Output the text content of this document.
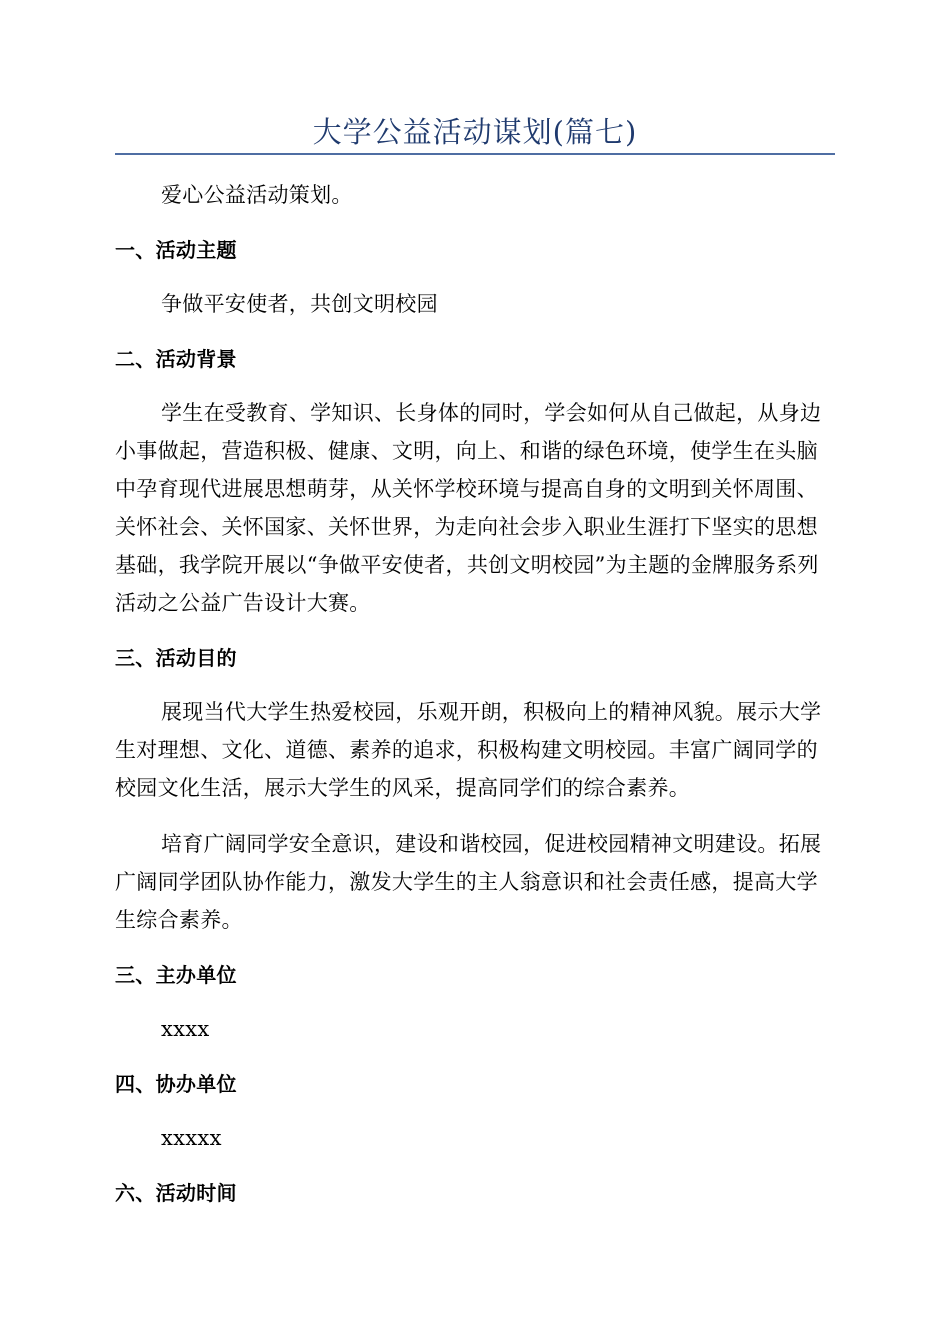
大学公益活动谋划(篇七)

爱心公益活动策划。

一、活动主题

争做平安使者，共创文明校园

二、活动背景

学生在受教育、学知识、长身体的同时，学会如何从自己做起，从身边小事做起，营造积极、健康、文明，向上、和谐的绿色环境，使学生在头脑中孕育现代进展思想萌芽，从关怀学校环境与提高自身的文明到关怀周围、关怀社会、关怀国家、关怀世界，为走向社会步入职业生涯打下坚实的思想基础，我学院开展以“争做平安使者，共创文明校园”为主题的金牌服务系列活动之公益广告设计大赛。

三、活动目的

展现当代大学生热爱校园，乐观开朗，积极向上的精神风貌。展示大学生对理想、文化、道德、素养的追求，积极构建文明校园。丰富广阔同学的校园文化生活，展示大学生的风采，提高同学们的综合素养。

培育广阔同学安全意识，建设和谐校园，促进校园精神文明建设。拓展广阔同学团队协作能力，激发大学生的主人翁意识和社会责任感，提高大学生综合素养。

三、主办单位

xxxx

四、协办单位

xxxxx

六、活动时间
